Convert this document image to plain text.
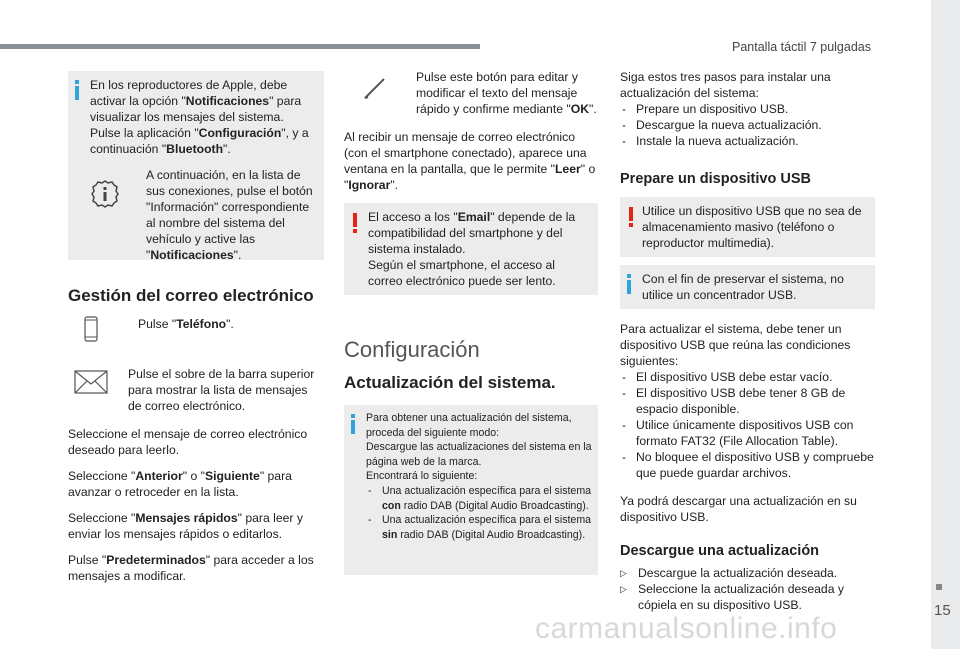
Pantalla táctil 7 pulgadas
15
carmanualsonline.info

En los reproductores de Apple, debe activar la opción "Notificaciones" para visualizar los mensajes del sistema.

Pulse la aplicación "Configuración", y a continuación "Bluetooth".

A continuación, en la lista de sus conexiones, pulse el botón "Información" correspondiente al nombre del sistema del vehículo y active las "Notificaciones".

Gestión del correo electrónico

Pulse "Teléfono".

Pulse el sobre de la barra superior para mostrar la lista de mensajes de correo electrónico.

Seleccione el mensaje de correo electrónico deseado para leerlo.

Seleccione "Anterior" o "Siguiente" para avanzar o retroceder en la lista.

Seleccione "Mensajes rápidos" para leer y enviar los mensajes rápidos o editarlos.

Pulse "Predeterminados" para acceder a los mensajes a modificar.

Pulse este botón para editar y modificar el texto del mensaje rápido y confirme mediante "OK".

Al recibir un mensaje de correo electrónico (con el smartphone conectado), aparece una ventana en la pantalla, que le permite "Leer" o "Ignorar".

El acceso a los "Email" depende de la compatibilidad del smartphone y del sistema instalado.

Según el smartphone, el acceso al correo electrónico puede ser lento.

Configuración
Actualización del sistema.

Para obtener una actualización del sistema, proceda del siguiente modo:

Descargue las actualizaciones del sistema en la página web de la marca.

Encontrará lo siguiente:

- Una actualización específica para el sistema con radio DAB (Digital Audio Broadcasting).
- Una actualización específica para el sistema sin radio DAB (Digital Audio Broadcasting).

Siga estos tres pasos para instalar una actualización del sistema:

- Prepare un dispositivo USB.
- Descargue la nueva actualización.
- Instale la nueva actualización.
Prepare un dispositivo USB

Utilice un dispositivo USB que no sea de almacenamiento masivo (teléfono o reproductor multimedia).

Con el fin de preservar el sistema, no utilice un concentrador USB.

Para actualizar el sistema, debe tener un dispositivo USB que reúna las condiciones siguientes:

- El dispositivo USB debe estar vacío.
- El dispositivo USB debe tener 8 GB de espacio disponible.
- Utilice únicamente dispositivos USB con formato FAT32 (File Allocation Table).
- No bloquee el dispositivo USB y compruebe que puede guardar archivos.

Ya podrá descargar una actualización en su dispositivo USB.

Descargue una actualización
▷ Descargue la actualización deseada.
▷ Seleccione la actualización deseada y cópiela en su dispositivo USB.
